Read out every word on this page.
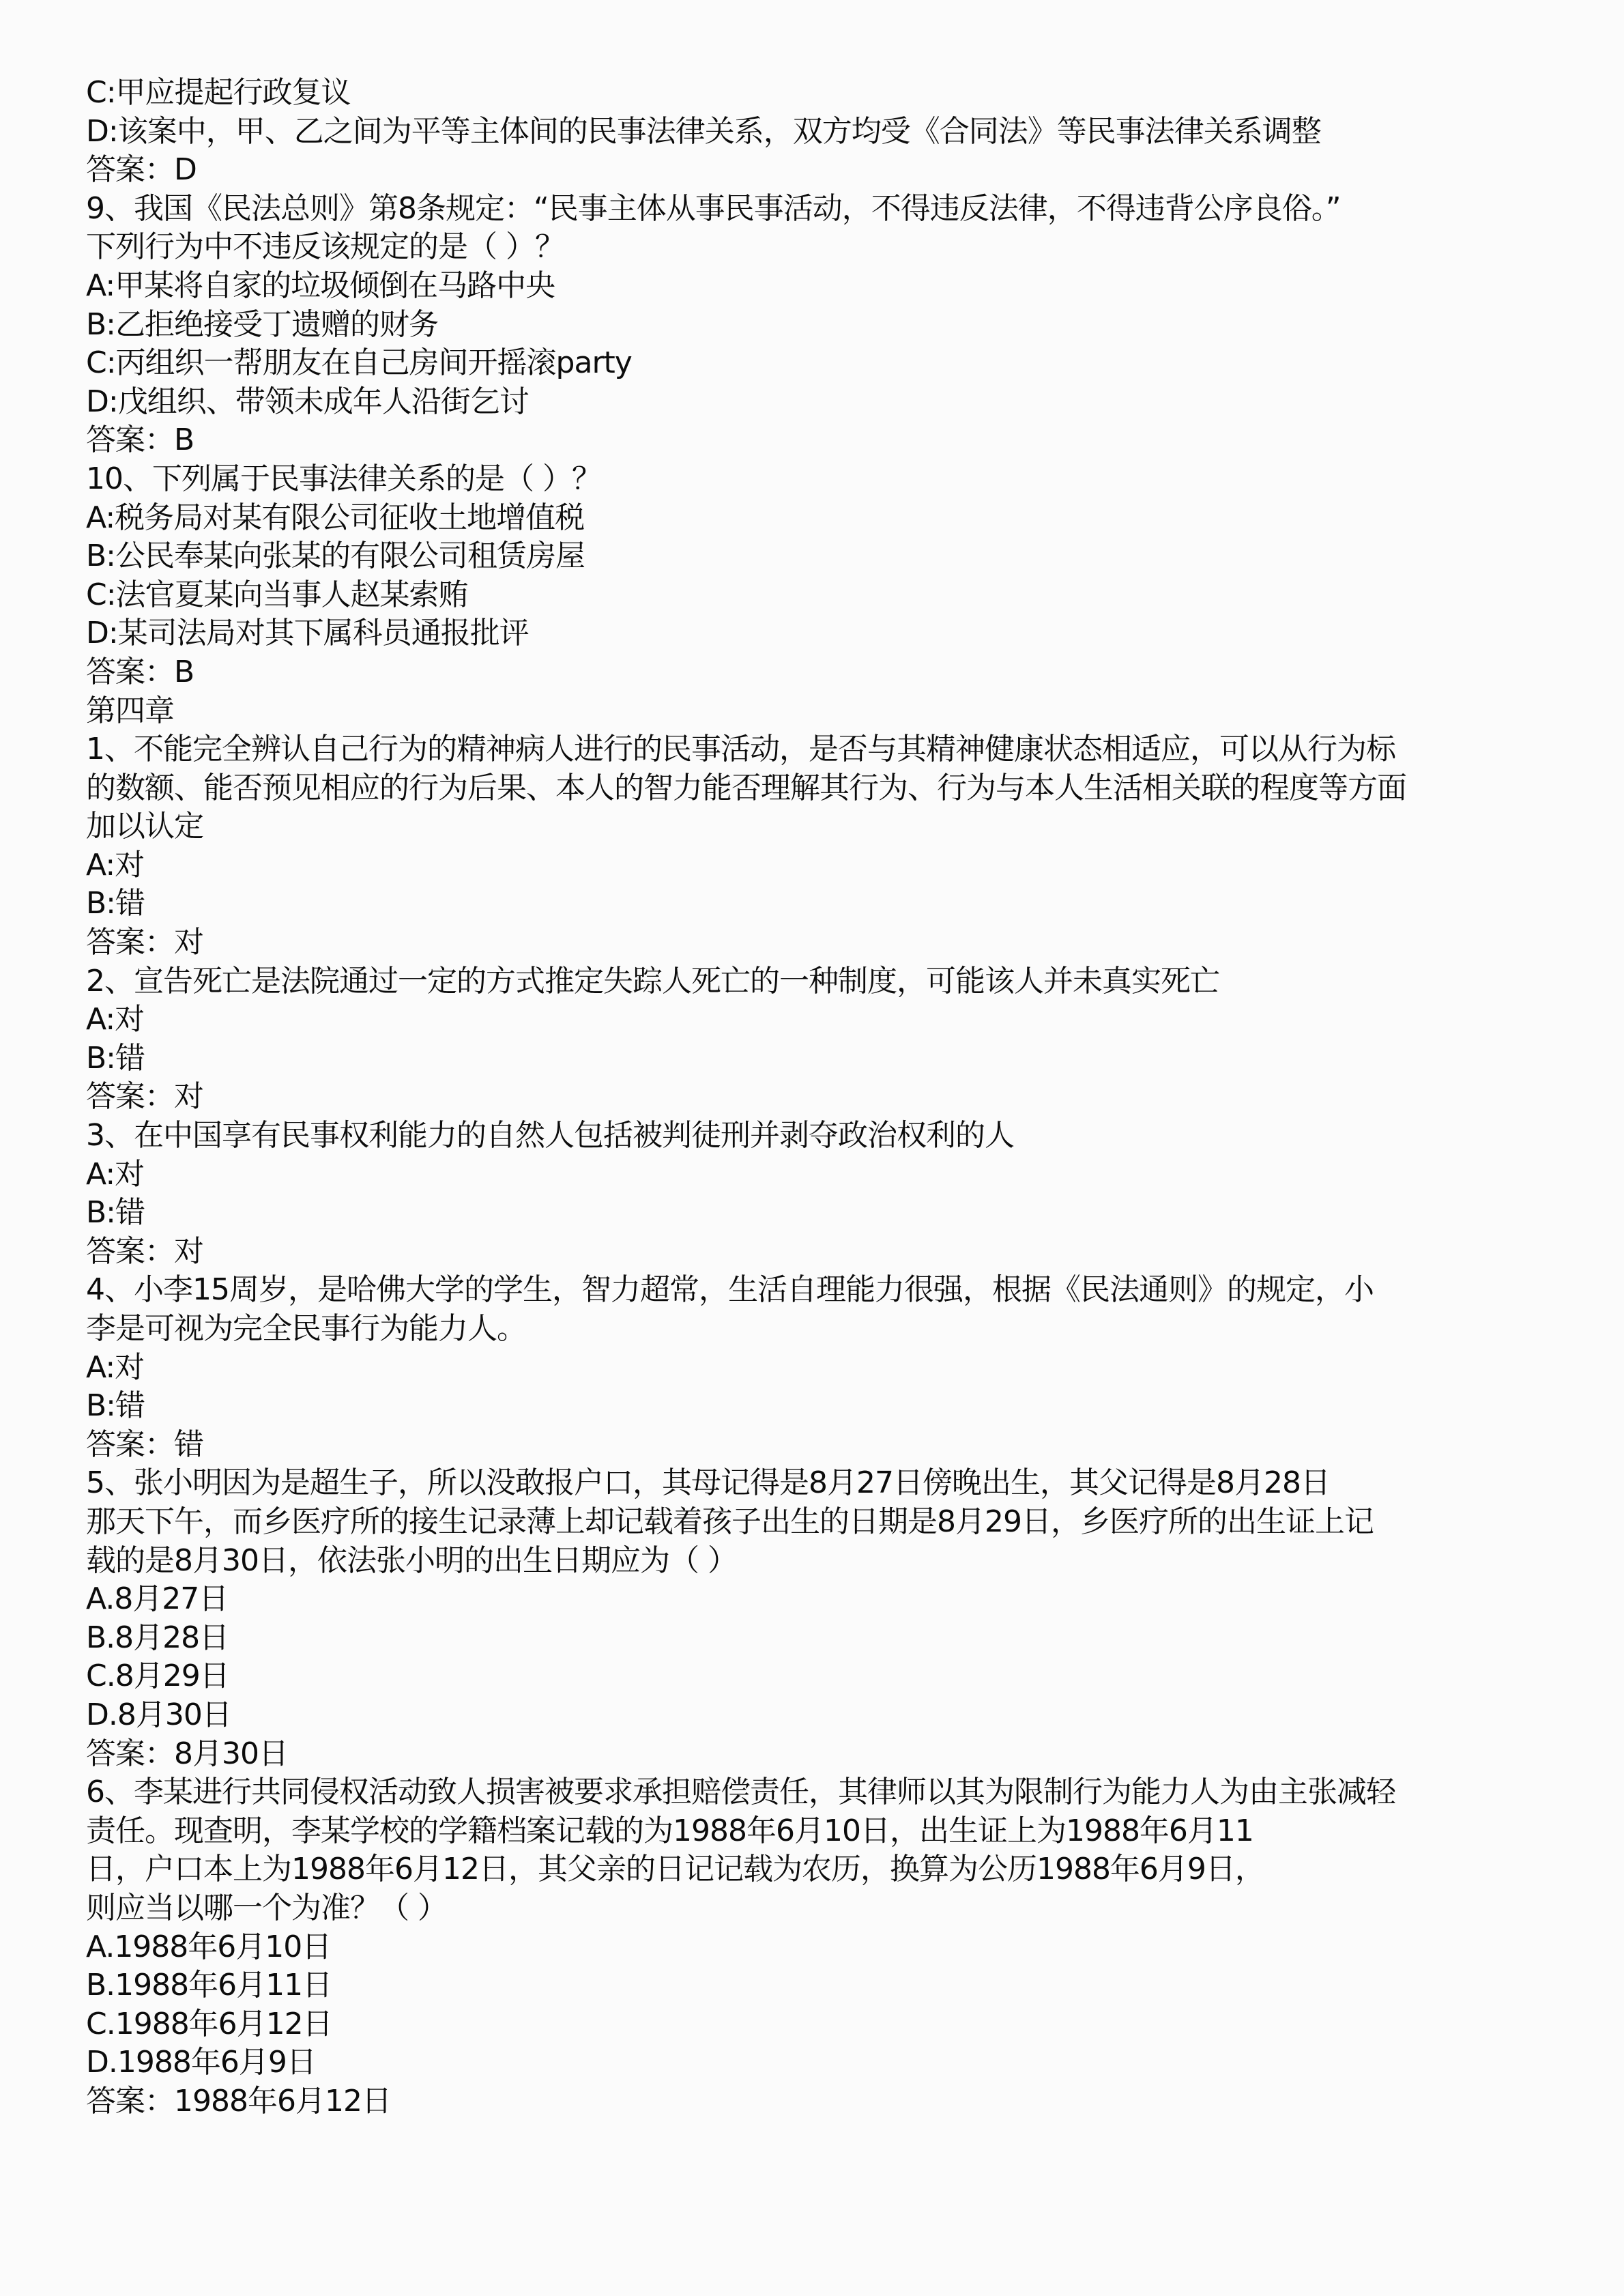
C:甲应提起行政复议
D:该案中，甲、乙之间为平等主体间的民事法律关系，双方均受《合同法》等民事法律关系调整
答案：D
9、我国《民法总则》第8条规定：“民事主体从事民事活动，不得违反法律，不得违背公序良俗。”
下列行为中不违反该规定的是（ ）？
A:甲某将自家的垃圾倾倒在马路中央
B:乙拒绝接受丁遗赠的财务
C:丙组织一帮朋友在自己房间开摇滚party
D:戊组织、带领未成年人沿街乞讨
答案：B
10、下列属于民事法律关系的是（ ）？
A:税务局对某有限公司征收土地增值税
B:公民奉某向张某的有限公司租赁房屋
C:法官夏某向当事人赵某索贿
D:某司法局对其下属科员通报批评
答案：B
第四章
1、不能完全辨认自己行为的精神病人进行的民事活动，是否与其精神健康状态相适应，可以从行为标
的数额、能否预见相应的行为后果、本人的智力能否理解其行为、行为与本人生活相关联的程度等方面
加以认定
A:对
B:错
答案：对
2、宣告死亡是法院通过一定的方式推定失踪人死亡的一种制度，可能该人并未真实死亡
A:对
B:错
答案：对
3、在中国享有民事权利能力的自然人包括被判徒刑并剥夺政治权利的人
A:对
B:错
答案：对
4、小李15周岁，是哈佛大学的学生，智力超常，生活自理能力很强，根据《民法通则》的规定，小
李是可视为完全民事行为能力人。
A:对
B:错
答案：错
5、张小明因为是超生子，所以没敢报户口，其母记得是8月27日傍晚出生，其父记得是8月28日
那天下午，而乡医疗所的接生记录薄上却记载着孩子出生的日期是8月29日，乡医疗所的出生证上记
载的是8月30日，依法张小明的出生日期应为（ ）
A.8月27日
B.8月28日
C.8月29日
D.8月30日
答案：8月30日
6、李某进行共同侵权活动致人损害被要求承担赔偿责任，其律师以其为限制行为能力人为由主张减轻
责任。现查明，李某学校的学籍档案记载的为1988年6月10日，出生证上为1988年6月11
日，户口本上为1988年6月12日，其父亲的日记记载为农历，换算为公历1988年6月9日，
则应当以哪一个为准？（ ）
A.1988年6月10日
B.1988年6月11日
C.1988年6月12日
D.1988年6月9日
答案：1988年6月12日
